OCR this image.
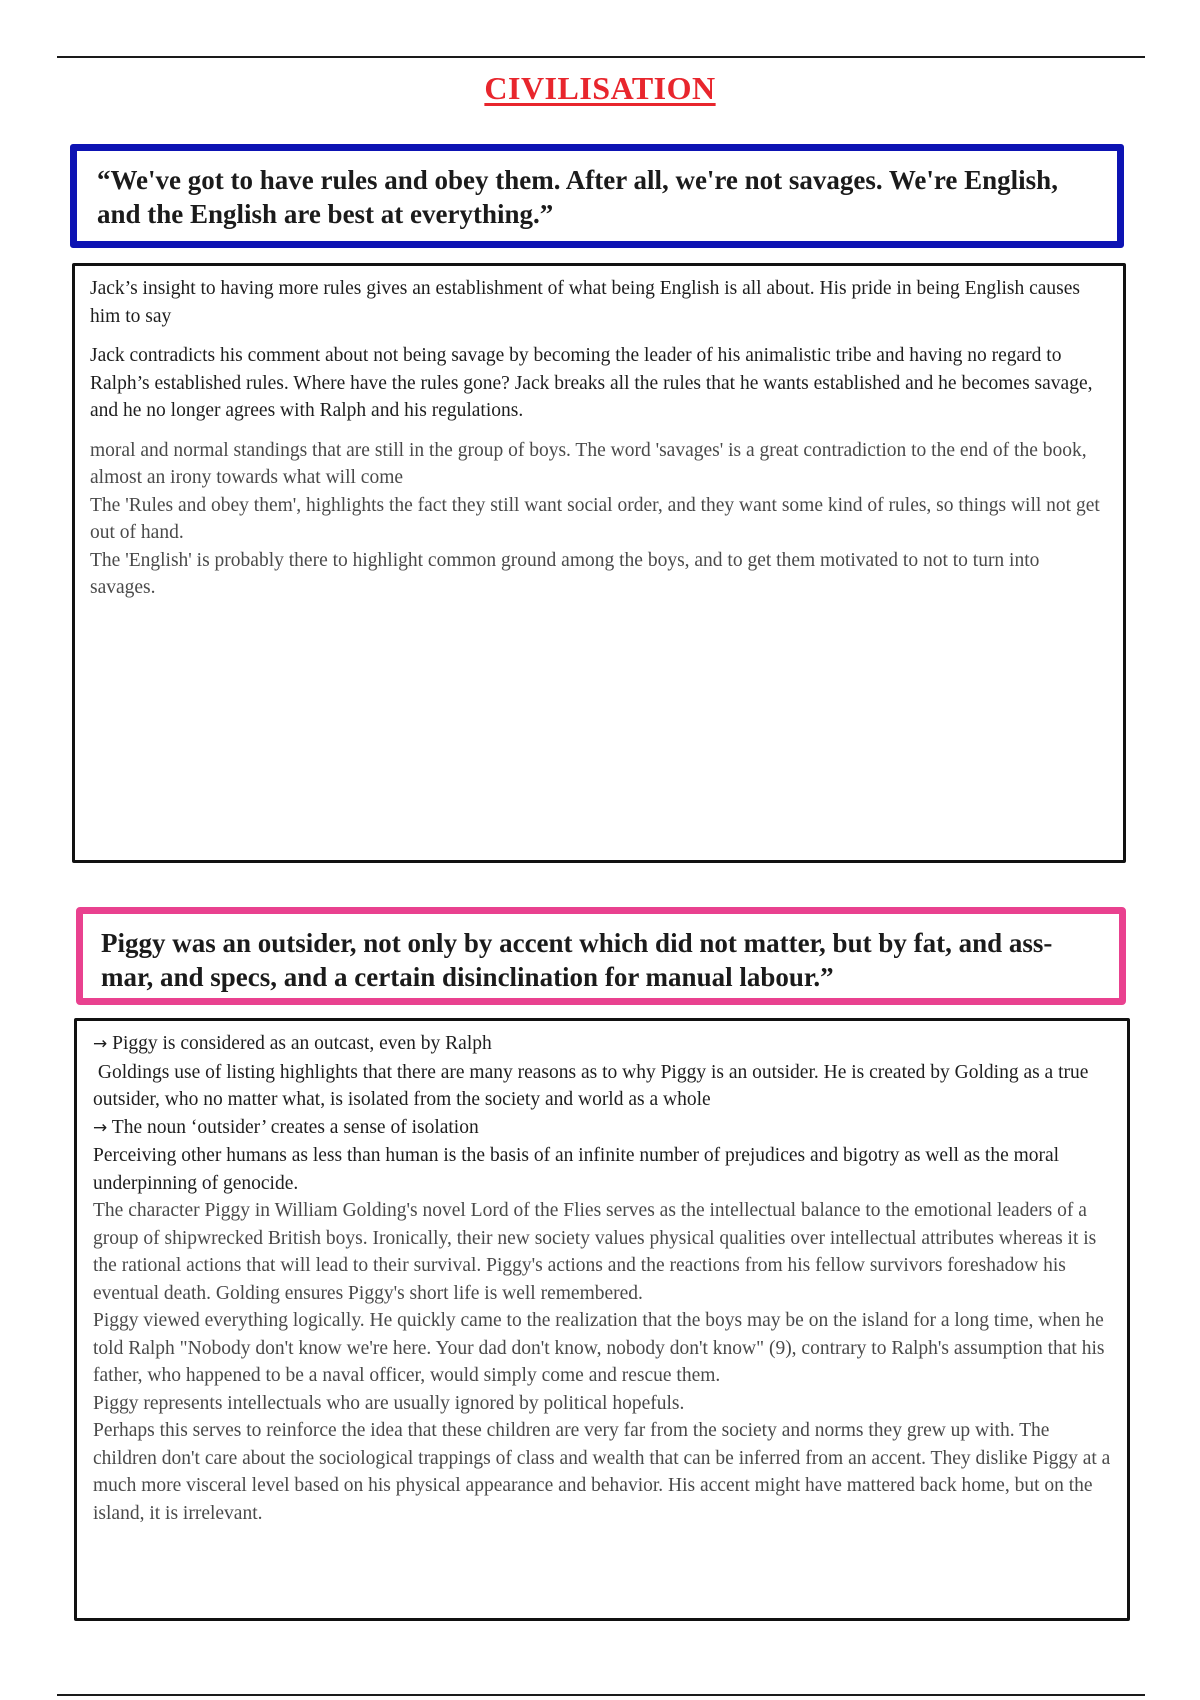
CIVILISATION
“We've got to have rules and obey them. After all, we're not savages. We're English, and the English are best at everything.”

Jack’s insight to having more rules gives an establishment of what being English is all about. His pride in being English causes him to say

Jack contradicts his comment about not being savage by becoming the leader of his animalistic tribe and having no regard to Ralph’s established rules. Where have the rules gone? Jack breaks all the rules that he wants established and he becomes savage, and he no longer agrees with Ralph and his regulations.

moral and normal standings that are still in the group of boys. The word 'savages' is a great contradiction to the end of the book, almost an irony towards what will come

The 'Rules and obey them', highlights the fact they still want social order, and they want some kind of rules, so things will not get out of hand.

The 'English' is probably there to highlight common ground among the boys, and to get them motivated to not to turn into savages.

Piggy was an outsider, not only by accent which did not matter, but by fat, and ass-mar, and specs, and a certain disinclination for manual labour.”

→ Piggy is considered as an outcast, even by Ralph

Goldings use of listing highlights that there are many reasons as to why Piggy is an outsider. He is created by Golding as a true outsider, who no matter what, is isolated from the society and world as a whole

→ The noun ‘outsider’ creates a sense of isolation

Perceiving other humans as less than human is the basis of an infinite number of prejudices and bigotry as well as the moral underpinning of genocide.

The character Piggy in William Golding's novel Lord of the Flies serves as the intellectual balance to the emotional leaders of a group of shipwrecked British boys. Ironically, their new society values physical qualities over intellectual attributes whereas it is the rational actions that will lead to their survival. Piggy's actions and the reactions from his fellow survivors foreshadow his eventual death. Golding ensures Piggy's short life is well remembered.

Piggy viewed everything logically. He quickly came to the realization that the boys may be on the island for a long time, when he told Ralph "Nobody don't know we're here. Your dad don't know, nobody don't know" (9), contrary to Ralph's assumption that his father, who happened to be a naval officer, would simply come and rescue them.

Piggy represents intellectuals who are usually ignored by political hopefuls.

Perhaps this serves to reinforce the idea that these children are very far from the society and norms they grew up with. The children don't care about the sociological trappings of class and wealth that can be inferred from an accent. They dislike Piggy at a much more visceral level based on his physical appearance and behavior. His accent might have mattered back home, but on the island, it is irrelevant.
